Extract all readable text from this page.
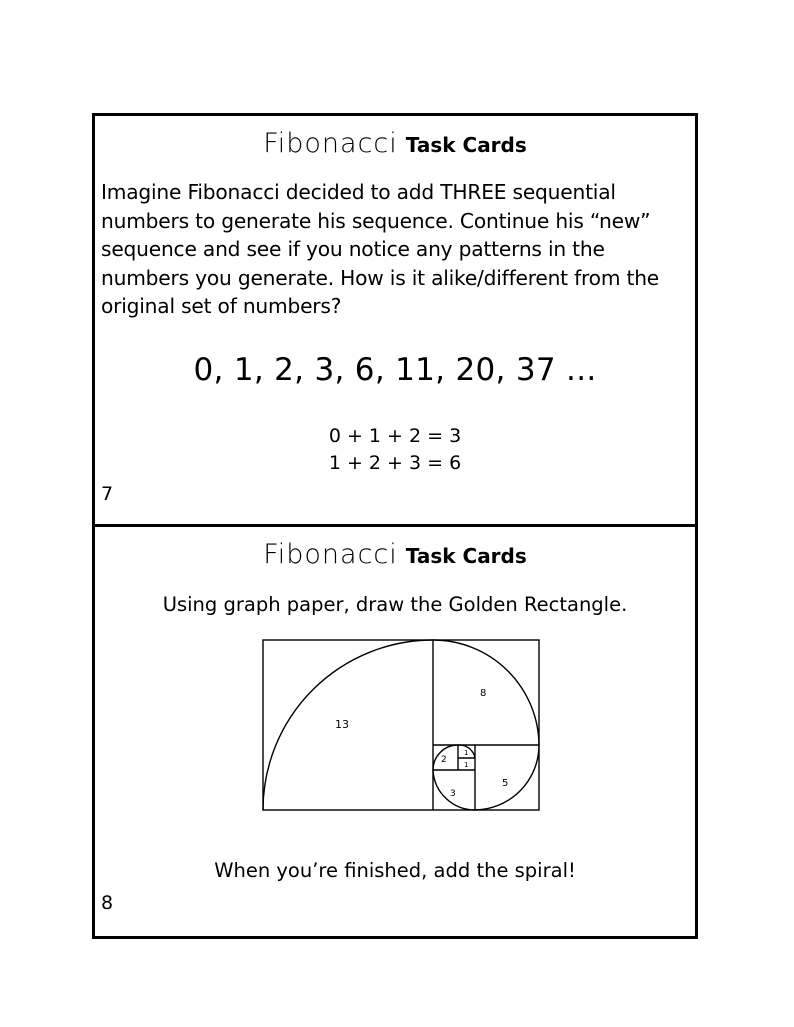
Fibonacci Task Cards
Imagine Fibonacci decided to add THREE sequential numbers to generate his sequence. Continue his “new” sequence and see if you notice any patterns in the numbers you generate. How is it alike/different from the original set of numbers?
0, 1, 2, 3, 6, 11, 20, 37 ...
0 + 1 + 2 = 3
1 + 2 + 3 = 6
7
Fibonacci Task Cards
Using graph paper, draw the Golden Rectangle.
13
8
5
3
2
1
1
When you’re finished, add the spiral!
8
